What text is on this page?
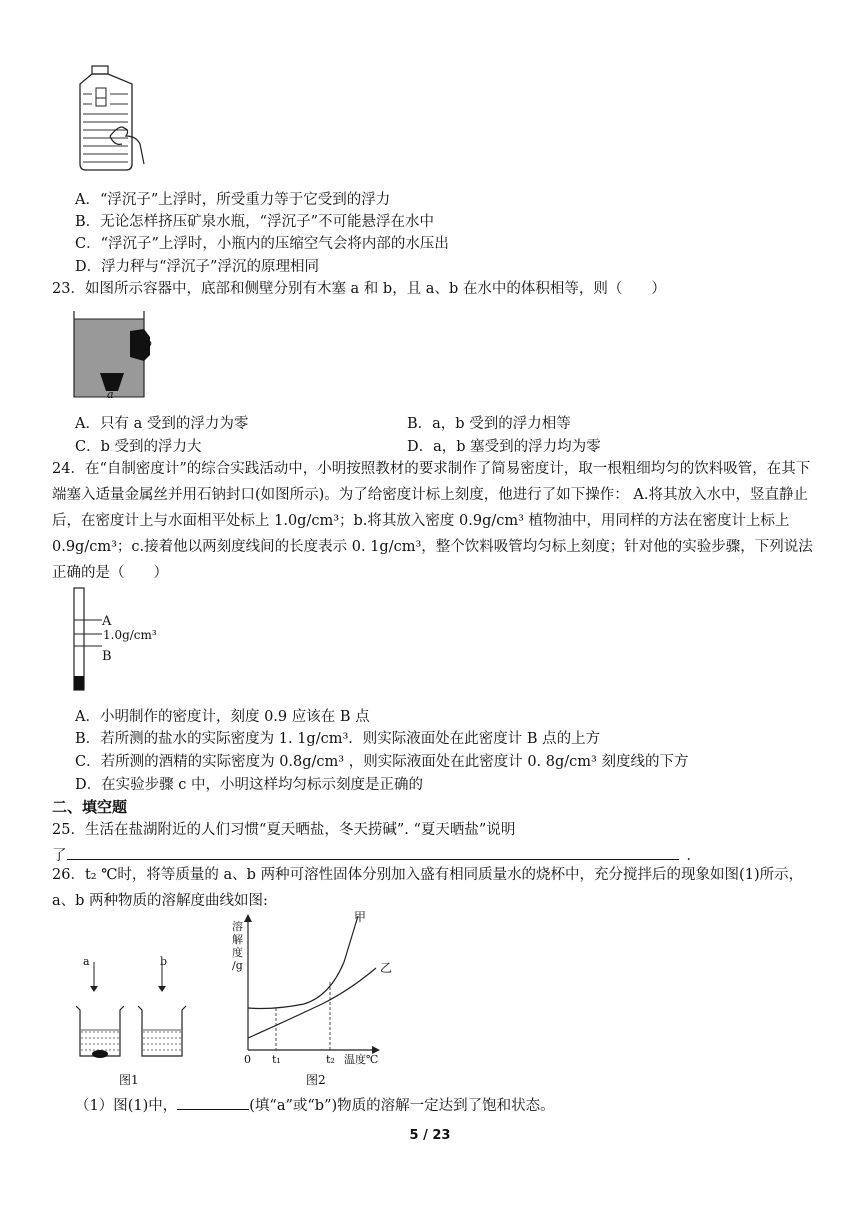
A．“浮沉子”上浮时，所受重力等于它受到的浮力
B．无论怎样挤压矿泉水瓶，“浮沉子”不可能悬浮在水中
C．“浮沉子”上浮时，小瓶内的压缩空气会将内部的水压出
D．浮力秤与“浮沉子”浮沉的原理相同
23．如图所示容器中，底部和侧壁分别有木塞 a 和 b，且 a、b 在水中的体积相等，则（　　）
b
a
A．只有 a 受到的浮力为零	B．a，b 受到的浮力相等
C．b 受到的浮力大	D．a，b 塞受到的浮力均为零
24．在“自制密度计”的综合实践活动中，小明按照教材的要求制作了简易密度计，取一根粗细均匀的饮料吸管，在其下端塞入适量金属丝并用石钠封口(如图所示)。为了给密度计标上刻度，他进行了如下操作： A.将其放入水中，竖直静止后，在密度计上与水面相平处标上 1.0g/cm³；b.将其放入密度 0.9g/cm³ 植物油中，用同样的方法在密度计上标上 0.9g/cm³；c.接着他以两刻度线间的长度表示 0. 1g/cm³，整个饮料吸管均匀标上刻度；针对他的实验步骤，下列说法正确的是（　　）
A
1.0g/cm³
B
A．小明制作的密度计，刻度 0.9 应该在 B 点
B．若所测的盐水的实际密度为 1. 1g/cm³．则实际液面处在此密度计 B 点的上方
C．若所测的酒精的实际密度为 0.8g/cm³ ，则实际液面处在此密度计 0. 8g/cm³ 刻度线的下方
D．在实验步骤 c 中，小明这样均匀标示刻度是正确的
二、填空题
25．生活在盐湖附近的人们习惯“夏天晒盐，冬天捞碱”. “夏天晒盐”说明
了	．
26．t₂ ℃时，将等质量的 a、b 两种可溶性固体分别加入盛有相同质量水的烧杯中，充分搅拌后的现象如图(1)所示，a、b 两种物质的溶解度曲线如图:
a	b
图1
溶
解
度
/g
甲
乙
0 t₁	t₂ 温度℃
图2
（1）图(1)中，	(填“a”或“b”)物质的溶解一定达到了饱和状态。
5 / 23
